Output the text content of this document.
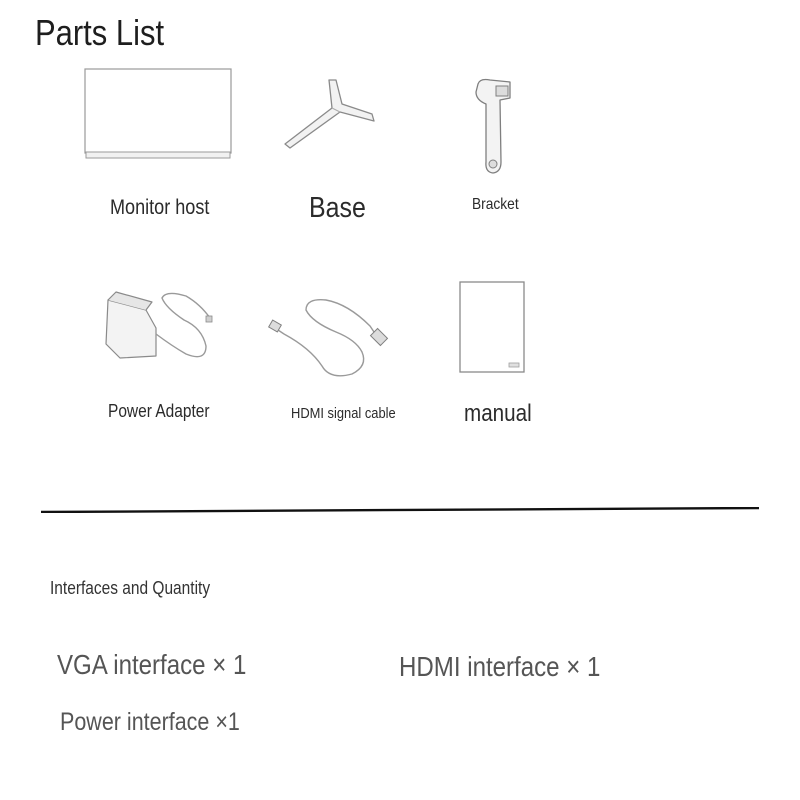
Parts List
Monitor host	Base	Bracket
Power Adapter	HDMI signal cable	manual
Interfaces and Quantity
VGA interface × 1	HDMI interface × 1
Power interface ×1
